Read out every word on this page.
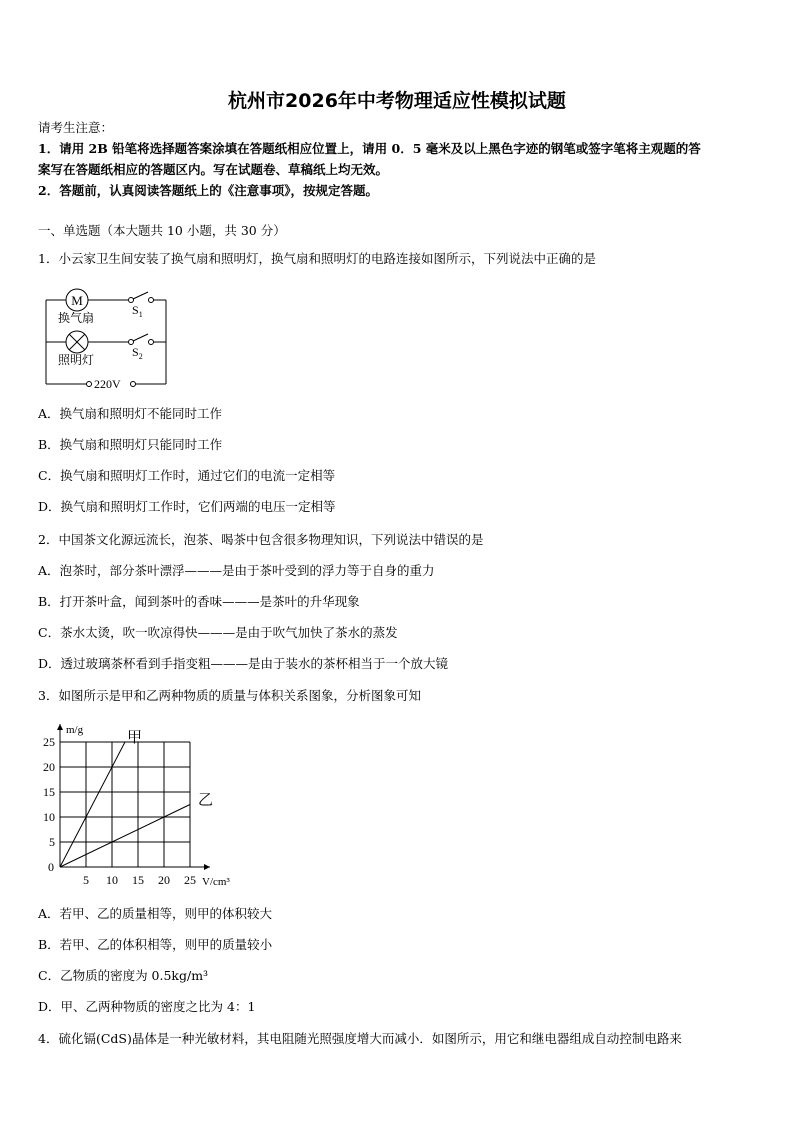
杭州市2026年中考物理适应性模拟试题
请考生注意：
1．请用 2B 铅笔将选择题答案涂填在答题纸相应位置上，请用 0．5 毫米及以上黑色字迹的钢笔或签字笔将主观题的答
案写在答题纸相应的答题区内。写在试题卷、草稿纸上均无效。
2．答题前，认真阅读答题纸上的《注意事项》，按规定答题。
一、单选题（本大题共 10 小题，共 30 分）
1．小云家卫生间安装了换气扇和照明灯，换气扇和照明灯的电路连接如图所示，下列说法中正确的是
M
换气扇
照明灯
$S_1$
$S_2$
220V
A．换气扇和照明灯不能同时工作
B．换气扇和照明灯只能同时工作
C．换气扇和照明灯工作时，通过它们的电流一定相等
D．换气扇和照明灯工作时，它们两端的电压一定相等
2．中国茶文化源远流长，泡茶、喝茶中包含很多物理知识，下列说法中错误的是
A．泡茶时，部分茶叶漂浮———是由于茶叶受到的浮力等于自身的重力
B．打开茶叶盒，闻到茶叶的香味———是茶叶的升华现象
C．茶水太烫，吹一吹凉得快———是由于吹气加快了茶水的蒸发
D．透过玻璃茶杯看到手指变粗———是由于装水的茶杯相当于一个放大镜
3．如图所示是甲和乙两种物质的质量与体积关系图象，分析图象可知
5 10 15 20 25
5
10
15
20
25
0
V/cm³
m/g	甲
乙
A．若甲、乙的质量相等，则甲的体积较大
B．若甲、乙的体积相等，则甲的质量较小
C．乙物质的密度为 0.5kg/m³
D．甲、乙两种物质的密度之比为 4：1
4．硫化镉(CdS)晶体是一种光敏材料，其电阻随光照强度增大而减小．如图所示，用它和继电器组成自动控制电路来
